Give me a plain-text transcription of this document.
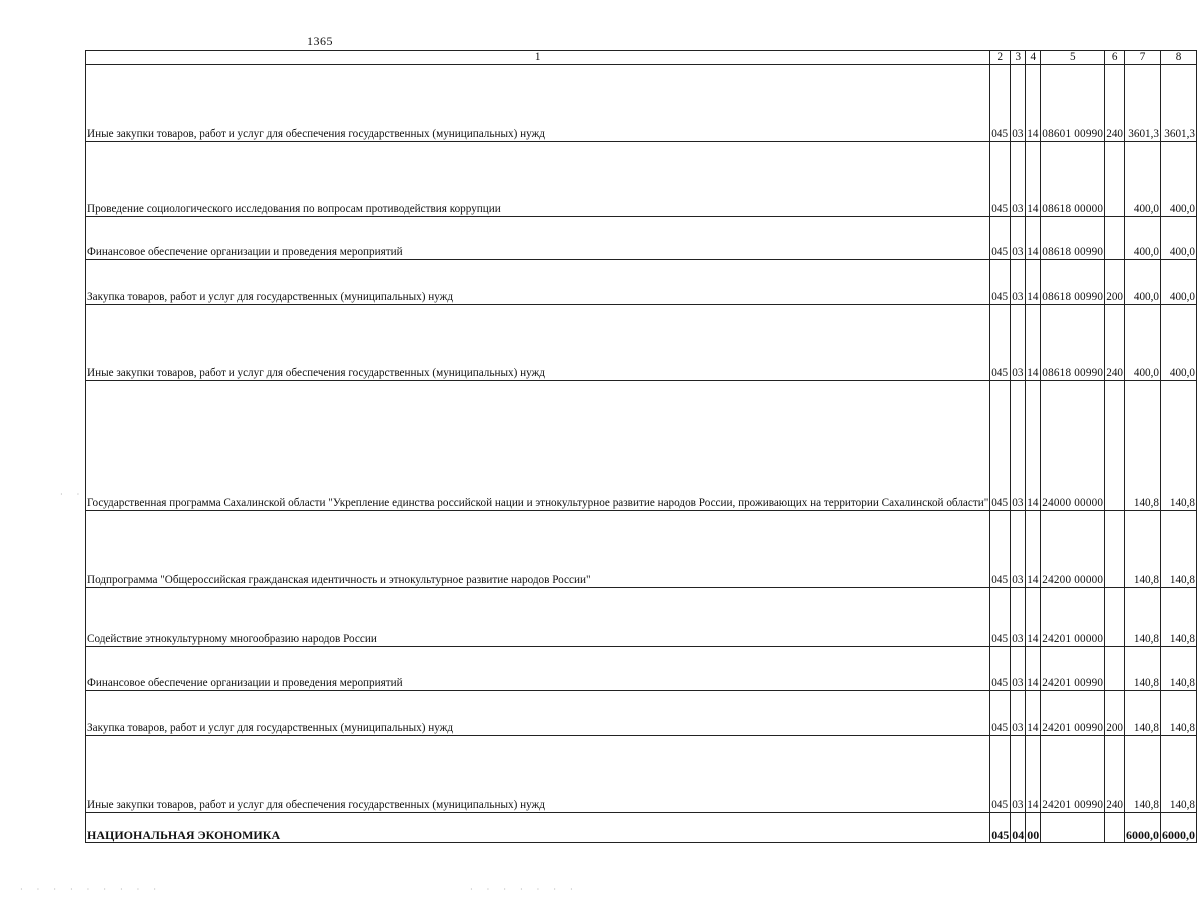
1365
1	2	3	4	5	6	7	8
Иные закупки товаров, работ и услуг для обеспечения государственных (муниципальных) нужд	045	03	14	08601 00990	240	3601,3	3601,3
Проведение социологического исследования по вопросам противодействия коррупции	045	03	14	08618 00000		400,0	400,0
Финансовое обеспечение организации и проведения мероприятий	045	03	14	08618 00990		400,0	400,0
Закупка товаров, работ и услуг для государственных (муниципальных) нужд	045	03	14	08618 00990	200	400,0	400,0
Иные закупки товаров, работ и услуг для обеспечения государственных (муниципальных) нужд	045	03	14	08618 00990	240	400,0	400,0
Государственная программа Сахалинской области "Укрепление единства российской нации и этнокультурное развитие народов России, проживающих на территории Сахалинской области"	045	03	14	24000 00000		140,8	140,8
Подпрограмма "Общероссийская гражданская идентичность и этнокультурное развитие народов России"	045	03	14	24200 00000		140,8	140,8
Содействие этнокультурному многообразию народов России	045	03	14	24201 00000		140,8	140,8
Финансовое обеспечение организации и проведения мероприятий	045	03	14	24201 00990		140,8	140,8
Закупка товаров, работ и услуг для государственных (муниципальных) нужд	045	03	14	24201 00990	200	140,8	140,8
Иные закупки товаров, работ и услуг для обеспечения государственных (муниципальных) нужд	045	03	14	24201 00990	240	140,8	140,8
НАЦИОНАЛЬНАЯ ЭКОНОМИКА	045	04	00			6000,0	6000,0
· ·
· · · · · · · · ·	· · · · · · ·
